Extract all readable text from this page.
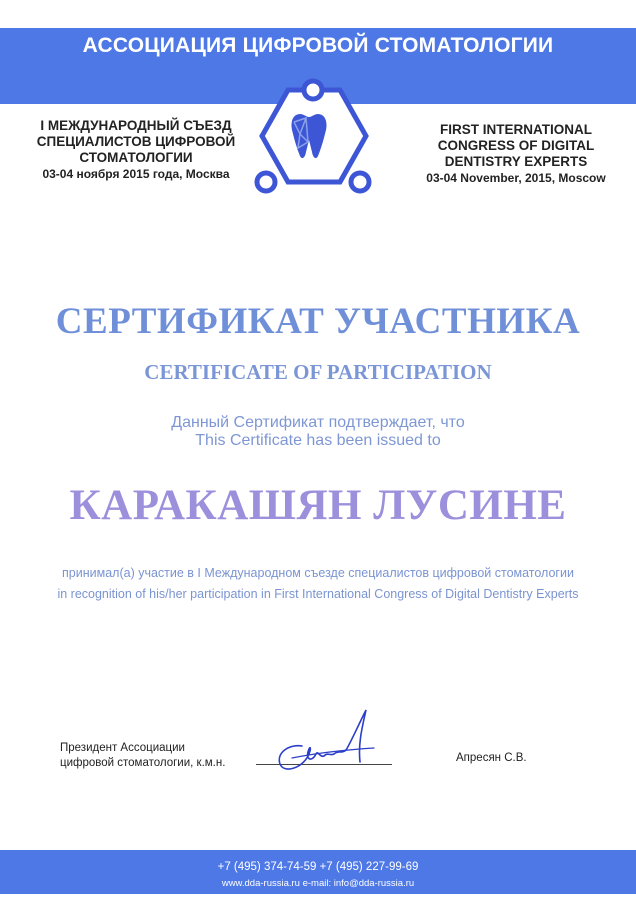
АССОЦИАЦИЯ ЦИФРОВОЙ СТОМАТОЛОГИИ
I МЕЖДУНАРОДНЫЙ СЪЕЗД
СПЕЦИАЛИСТОВ ЦИФРОВОЙ
СТОМАТОЛОГИИ
03-04 ноября 2015 года, Москва
FIRST INTERNATIONAL
CONGRESS OF DIGITAL
DENTISTRY EXPERTS
03-04 November, 2015, Moscow
СЕРТИФИКАТ УЧАСТНИКА
CERTIFICATE OF PARTICIPATION
Данный Сертификат подтверждает, что
This Certificate has been issued to
КАРАКАШЯН ЛУСИНЕ
принимал(а) участие в I Международном съезде специалистов цифровой стоматологии
in recognition of his/her participation in First International Congress of Digital Dentistry Experts
Президент Ассоциации
цифровой стоматологии, к.м.н.	Апресян С.В.
+7 (495) 374-74-59 +7 (495) 227-99-69
www.dda-russia.ru e-mail: info@dda-russia.ru
